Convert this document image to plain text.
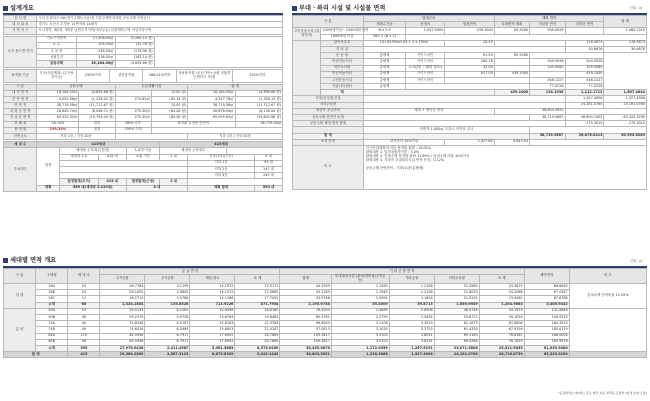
설계개요
공 사 명	오산 수청지구 GH(경기주택도시공사) 기본주택단지사업 공동주택 신축공사
대 지 위 치	경기도 오산시 수청동 11번지외 14필지
지 역 지 구	도시지역, 제2종, 제3종 일반주거지역(대상공유) 특별계획구역 사업지정구역
토지 용도별 면적	가로구역면적	17,406.00㎡	(5,265.15 평)	
	도 로	105.00㎡	(31.76 평)	
	주 차 장	585.00㎡	(176.96 평)	
	공원부지	536.00㎡	(162.14 평)	
	공동주택	16,184.00㎡	(4,895.66 평)	
용적률 기준	기준(사업계획) (주거용지기준)	230%이하	상한용적률	266.01%이하	적용용적률 (공공기여+공원 친환경인센티브 포함)	250%이하
구 분	공동주택		근린생활시설		합 계	
대 지 면 적	16,184.00㎡	(4,895.66 평)		(0.00 평)	16,184.00㎡	(4,895.66 평)
건 축 면 적	4,052.96㎡	(1,226.02 평)	274.82㎡	(83.14 평)	4,327.78㎡	(1,309.15 평)
연 면 적	38,719.58㎡	(11,712.67 평)		(0.00 평)	38,719.58㎡	(11,712.67 평)
지 하 층 면 적	26,600.74㎡	(8,046.72 평)	275.30㎡	(83.28 평)	26,876.04㎡	(8,130.00 평)
지 상 층 면 적	65,320.32㎡	(19,759.40 평)	275.30㎡	(83.28 평)	65,595.62㎡	(19,842.68 평)
건 폐 율	26.74%	법정	60% 이하	용적률 산정용 연면적		38,719.58㎡
용 적 률	239.25%	법정	250% 이하			
건축규모	지하 1층 / 지상 20층				지하 1층 / 지상 20층	
세 대 수	415세대				415세대			
주차대수	법정	세대당 주차대수(법정)		1.0대 이상	세대당 주차대수			
		세대당 1.0	415 대	1대/ 기준	2 대	지상(1층)(근린)		4 대
						지하 1층		93 대
						지하 2층		247 대
						지하 3층		249 대
		법정합계(주거)	415 대	법정합계(근생)	2 대			
	계획	589 대(세대당 1.419대)		4 대		계획 합계		593 대
부대ㆍ복리 시설 및 시설물 면적	단위 : ㎡
구 분		법정규모			계획 면적			합 계
		세대수기준	산정식	법정면적	부대면적 계획	지상층 면적	지하층 면적	
주민공동시설 (법정면적)	100세대이상~ 1000세대 미만	N x 2.5	1,037.5000	439.1000	85.5260	935.6059		1,460.2319
	1000세대 이상	500 + (N x 2)						
	관리사무소	10+(N-50)x0.05 = 2 x 100㎡		28.25			176.5673	176.5673
	경 비 실						30.6676	30.6676
	운 동 장	총량제	가이드라인	91.50	85.5260			
	어린이놀이터	총량제	가이드라인	180.18		204.9526	204.9526	
	작은도서관	총량제	도서관법 시행령 별표1	33.00		105.5080	105.5080	
	어린이놀이터	총량제	가이드라인	617.00	439.1000		439.1000	
	주민운동시설	총량제	가이드라인			548.1227	548.1227	
	커뮤니티센터	총량제				77.0226	77.0226	
	계				439.1000	116.1936	1,112.1712	1,607.4644
기계/전기/통신실							1,327.4906	1,327.4906
지하주차장							24,161.0765	24,161.0765
생산자 공급면적		세대 + 계단실 면적			38,603.3951			
공동주택 연면적 소계						38,719.5867	26,600.7403	65,320.3290
공동주택 세대 면적 합계							275.3010	275.3010
		연면적 1,000㎡ 초과시 적격성 심사						
합 계						38,719.5867	26,876.0413	65,595.6280
조경 면적		대지면적 15%이상		2,427.60	4,640.03			
비 고		지구단위계획에 의한 용적률 완화 : 16.01%
완화내용 1. 법정친환경인증 : 3.0%
완화내용 2. 임대주택 용적률 완화 11.69% / 임대주택 비율 10%이상
완화내용 3. 지하층 부대복리시설 면적 산정 : 0.12%
공동주택 단방면적 : 지하(1)층(총량제)						
세대별 면적 개요	단위 : ㎡
구 분	주택형	세 대 수	공 급 면 적				기 타 공 용 면 적					계약면적	비 고
			주거전용	주거공용	계단,복도	소 계	합계	부대복리시설 (관리/경비실/주민공동)	기타공용	지하주차장	소 계		
임 대	26A	24	26.7784	3.1199	14.1972	17.5171	44.2955	1.1263	1.2108	22.0964	24.3675	68.6630	임대주택 면적비율 12.05%
	26B	24	26.1605	3.0845	14.1972	17.0680	43.2285	1.1945	1.2108	21.8053	24.2088	67.0347	
	26C	12	26.2714	3.5786	14.1266	17.7052	43.9766	1.0991	1.1828	21.6192	23.9062	67.8788	
	소계	60	1,324.1854	155.8528	713.9226	871.7904	2,195.9758	55.4009	59.8715	1,089.6959	1,204.9684	3,400.9442	
분 양	59A	53	59.5133	6.1562	12.6598	18.8160	78.3293	2.4899	2.6908	48.9746	54.1553	132.4846	
	59B	36	59.2279	5.9728	13.8794	19.8482	85.0761	2.2790	2.3492	53.6772	59.1054	144.4315	
	74A	40	74.8348	6.5187	15.8183	22.3356	96.8904	3.1108	3.3619	61.1879	67.6606	164.3510	
	74B	49	74.6526	6.5484	15.8803	22.4287	97.0813	3.1033	3.3753	61.4330	67.9316	165.0129	
	84A	119	84.5948	6.7917	17.6952	24.7869	109.3817	3.5103	3.8051	69.3183	76.6387	186.0004	
	84B	58	84.5948	6.7917	17.6952	24.7869	109.3817	3.5103	3.8151	69.4346	76.7819	185.9976	
	소계	355	27,976.0426	2,411.4587	5,961.5863	8,373.0450	36,435.0876	1,172.9059	1,267.6191	23,071.3806	25,511.9055	61,939.9480	
합 계		415	29,360.2809	2,567.3113	6,675.8329	9,243.1442	38,603.3951	1,228.3068	1,327.4906	24,161.0765	26,716.8739	65,320.3290	
*공급면적(소계)에는 각동 계단 지분 면적을 포함함 (임대 분양 포함)
